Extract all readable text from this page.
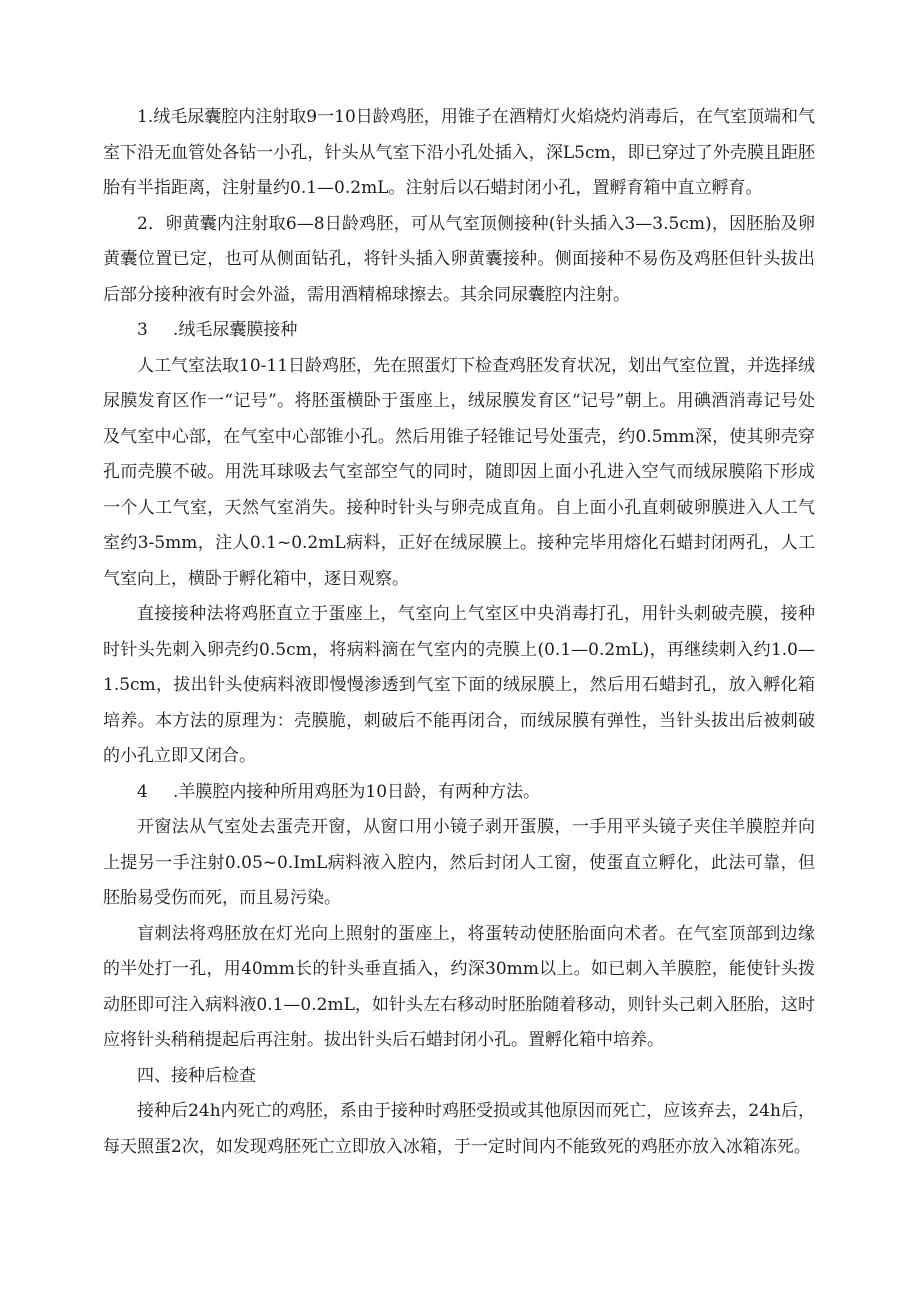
1.绒毛尿囊腔内注射取9一10日龄鸡胚，用锥子在酒精灯火焰烧灼消毒后，在气室顶端和气室下沿无血管处各钻一小孔，针头从气室下沿小孔处插入，深L5cm，即已穿过了外壳膜且距胚胎有半指距离，注射量约0.1—0.2mL。注射后以石蜡封闭小孔，置孵育箱中直立孵育。

2．卵黄囊内注射取6—8日龄鸡胚，可从气室顶侧接种(针头插入3—3.5cm)，因胚胎及卵黄囊位置已定，也可从侧面钻孔，将针头插入卵黄囊接种。侧面接种不易伤及鸡胚但针头拔出后部分接种液有时会外溢，需用酒精棉球擦去。其余同尿囊腔内注射。

3	.绒毛尿囊膜接种

人工气室法取10-11日龄鸡胚，先在照蛋灯下检查鸡胚发育状况，划出气室位置，并选择绒尿膜发育区作一“记号”。将胚蛋横卧于蛋座上，绒尿膜发育区“记号”朝上。用碘酒消毒记号处及气室中心部，在气室中心部锥小孔。然后用锥子轻锥记号处蛋壳，约0.5mm深，使其卵壳穿孔而壳膜不破。用洗耳球吸去气室部空气的同时，随即因上面小孔进入空气而绒尿膜陷下形成一个人工气室，天然气室消失。接种时针头与卵壳成直角。自上面小孔直刺破卵膜进入人工气室约3-5mm，注人0.1~0.2mL病料，正好在绒尿膜上。接种完毕用熔化石蜡封闭两孔，人工气室向上，横卧于孵化箱中，逐日观察。

直接接种法将鸡胚直立于蛋座上，气室向上气室区中央消毒打孔，用针头刺破壳膜，接种时针头先刺入卵壳约0.5cm，将病料滴在气室内的壳膜上(0.1—0.2mL)，再继续刺入约1.0—1.5cm，拔出针头使病料液即慢慢渗透到气室下面的绒尿膜上，然后用石蜡封孔，放入孵化箱培养。本方法的原理为：壳膜脆，刺破后不能再闭合，而绒尿膜有弹性，当针头拔出后被刺破的小孔立即又闭合。

4	.羊膜腔内接种所用鸡胚为10日龄，有两种方法。

开窗法从气室处去蛋壳开窗，从窗口用小镜子剥开蛋膜，一手用平头镜子夹住羊膜腔并向上提另一手注射0.05~0.ImL病料液入腔内，然后封闭人工窗，使蛋直立孵化，此法可靠，但胚胎易受伤而死，而且易污染。

盲刺法将鸡胚放在灯光向上照射的蛋座上，将蛋转动使胚胎面向术者。在气室顶部到边缘的半处打一孔，用40mm长的针头垂直插入，约深30mm以上。如已刺入羊膜腔，能使针头拨动胚即可注入病料液0.1—0.2mL，如针头左右移动时胚胎随着移动，则针头己刺入胚胎，这时应将针头稍稍提起后再注射。拔出针头后石蜡封闭小孔。置孵化箱中培养。

四、接种后检查

接种后24h内死亡的鸡胚，系由于接种时鸡胚受损或其他原因而死亡，应该弃去，24h后，每天照蛋2次，如发现鸡胚死亡立即放入冰箱，于一定时间内不能致死的鸡胚亦放入冰箱冻死。
